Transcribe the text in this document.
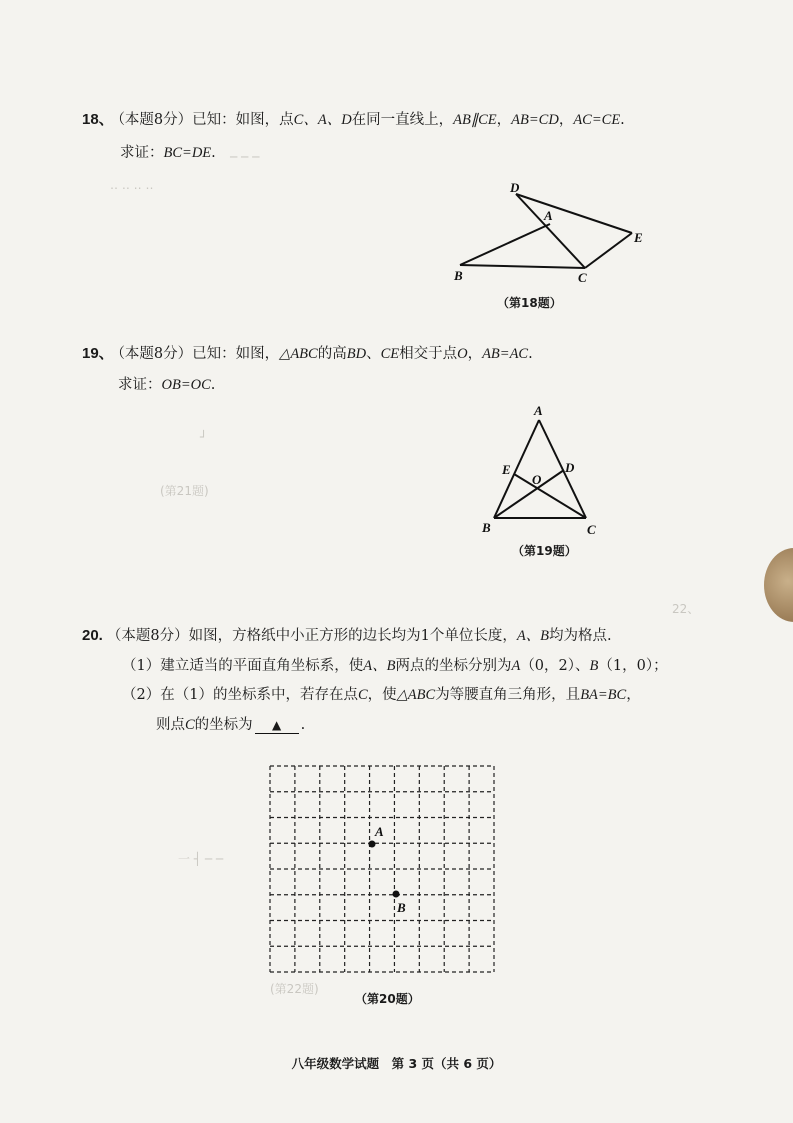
─ ─ ─
‥ ‥ ‥ ‥
┘
18、 （本题8分）已知：如图，点C、A、D在同一直线上，AB∥CE，AB=CD，AC=CE.
求证：BC=DE.
D
A
E
B	C
（第18题）
19、 （本题8分）已知：如图，△ABC的高BD、CE相交于点O，AB=AC.
求证：OB=OC.
A
E	D
O
B	C
（第19题）
22、
(第21题)
20. （本题8分）如图，方格纸中小正方形的边长均为1个单位长度，A、B均为格点.
（1）建立适当的平面直角坐标系，使A、B两点的坐标分别为A（0，2）、B（1，0）；
（2）在（1）的坐标系中，若存在点C，使△ABC为等腰直角三角形，且BA=BC，
则点C的坐标为 ▲ .
一 ┤ ─ ─
(第22题)
A
B
（第20题）
八年级数学试题　第 3 页（共 6 页）
